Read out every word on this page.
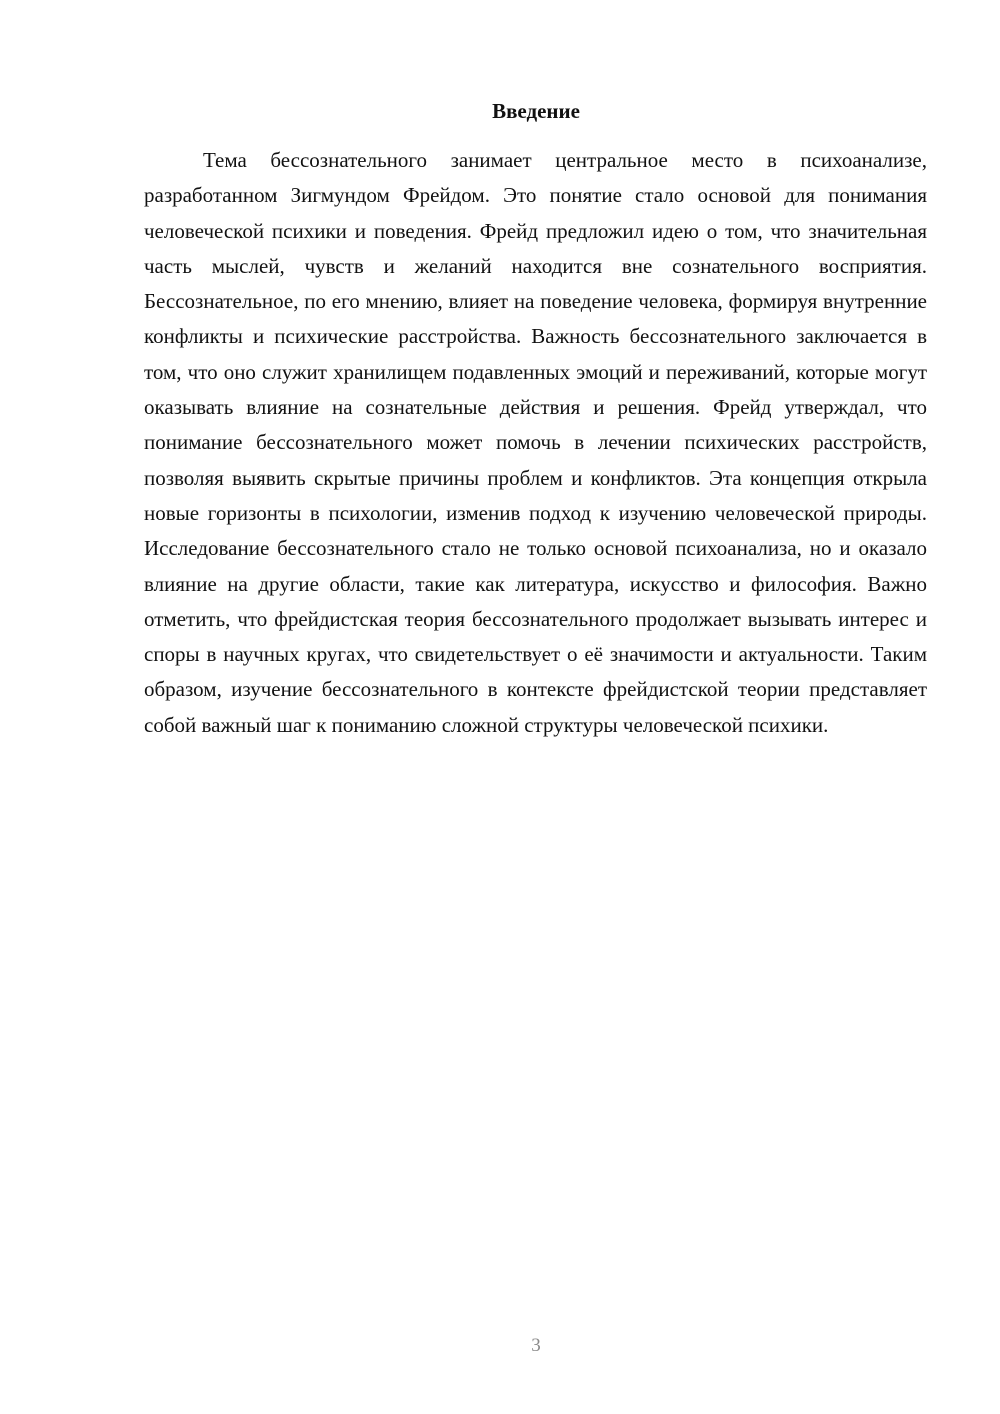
Введение

Тема бессознательного занимает центральное место в психоанализе, разработанном Зигмундом Фрейдом. Это понятие стало основой для понимания человеческой психики и поведения. Фрейд предложил идею о том, что значительная часть мыслей, чувств и желаний находится вне сознательного восприятия. Бессознательное, по его мнению, влияет на поведение человека, формируя внутренние конфликты и психические расстройства. Важность бессознательного заключается в том, что оно служит хранилищем подавленных эмоций и переживаний, которые могут оказывать влияние на сознательные действия и решения. Фрейд утверждал, что понимание бессознательного может помочь в лечении психических расстройств, позволяя выявить скрытые причины проблем и конфликтов. Эта концепция открыла новые горизонты в психологии, изменив подход к изучению человеческой природы. Исследование бессознательного стало не только основой психоанализа, но и оказало влияние на другие области, такие как литература, искусство и философия. Важно отметить, что фрейдистская теория бессознательного продолжает вызывать интерес и споры в научных кругах, что свидетельствует о её значимости и актуальности. Таким образом, изучение бессознательного в контексте фрейдистской теории представляет собой важный шаг к пониманию сложной структуры человеческой психики.

3
